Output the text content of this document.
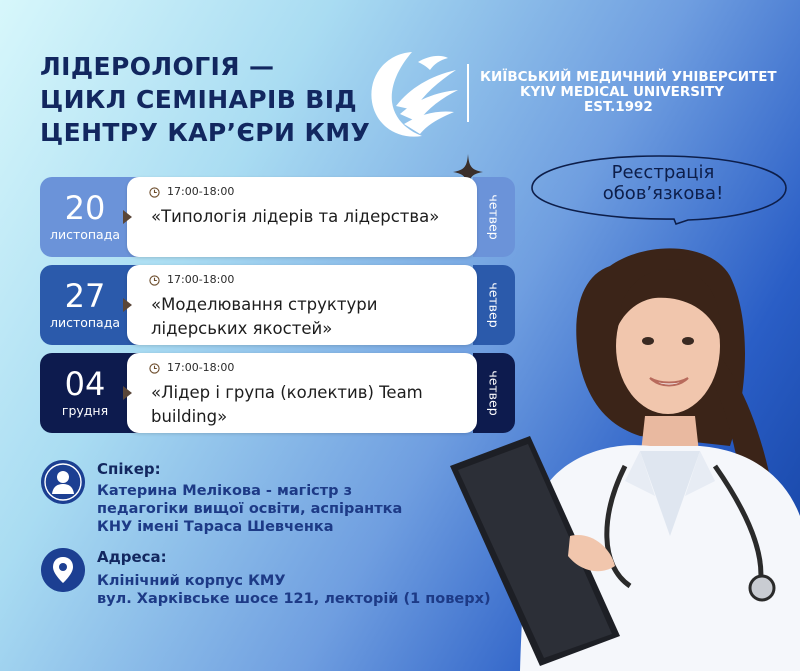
ЛІДЕРОЛОГІЯ —
ЦИКЛ СЕМІНАРІВ ВІД
ЦЕНТРУ КАР’ЄРИ КМУ
КИЇВСЬКИЙ МЕДИЧНИЙ УНІВЕРСИТЕТ
KYIV MEDICAL UNIVERSITY
EST.1992
Реєстрація
обов’язкова!
20
листопада	четвер
17:00-18:00
«Типологія лідерів та лідерства»
27
листопада	четвер
17:00-18:00
«Моделювання структури лідерських якостей»
04
грудня	четвер
17:00-18:00
«Лідер і група (колектив) Team building»
Спікер:
Катерина Мелікова - магістр з
педагогіки вищої освіти, аспірантка
КНУ імені Тараса Шевченка
Адреса:
Клінічний корпус КМУ
вул. Харківське шосе 121, лекторій (1 поверх)
